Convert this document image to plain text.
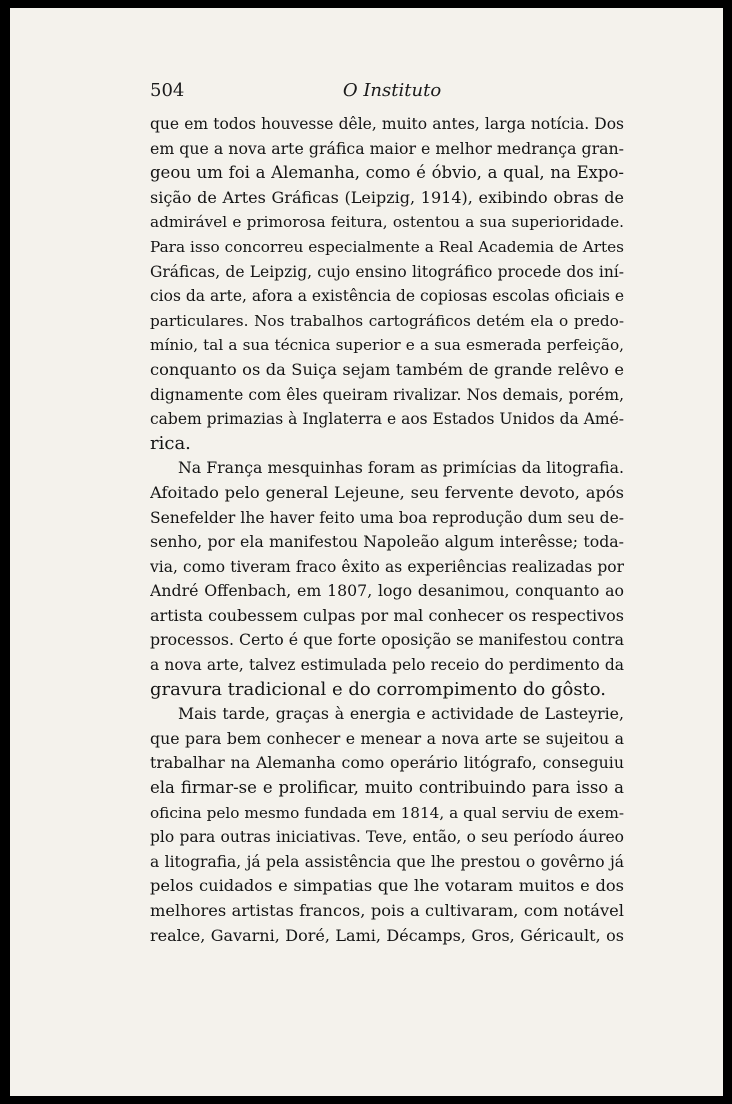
504	O Instituto
que em todos houvesse dêle, muito antes, larga notícia. Dos
em que a nova arte gráfica maior e melhor medrança gran-
geou um foi a Alemanha, como é óbvio, a qual, na Expo-
sição de Artes Gráficas (Leipzig, 1914), exibindo obras de
admirável e primorosa feitura, ostentou a sua superioridade.
Para isso concorreu especialmente a Real Academia de Artes
Gráficas, de Leipzig, cujo ensino litográfico procede dos iní-
cios da arte, afora a existência de copiosas escolas oficiais e
particulares. Nos trabalhos cartográficos detém ela o predo-
mínio, tal a sua técnica superior e a sua esmerada perfeição,
conquanto os da Suiça sejam também de grande relêvo e
dignamente com êles queiram rivalizar. Nos demais, porém,
cabem primazias à Inglaterra e aos Estados Unidos da Amé-
rica.
Na França mesquinhas foram as primícias da litografia.
Afoitado pelo general Lejeune, seu fervente devoto, após
Senefelder lhe haver feito uma boa reprodução dum seu de-
senho, por ela manifestou Napoleão algum interêsse; toda-
via, como tiveram fraco êxito as experiências realizadas por
André Offenbach, em 1807, logo desanimou, conquanto ao
artista coubessem culpas por mal conhecer os respectivos
processos. Certo é que forte oposição se manifestou contra
a nova arte, talvez estimulada pelo receio do perdimento da
gravura tradicional e do corrompimento do gôsto.
Mais tarde, graças à energia e actividade de Lasteyrie,
que para bem conhecer e menear a nova arte se sujeitou a
trabalhar na Alemanha como operário litógrafo, conseguiu
ela firmar-se e prolificar, muito contribuindo para isso a
oficina pelo mesmo fundada em 1814, a qual serviu de exem-
plo para outras iniciativas. Teve, então, o seu período áureo
a litografia, já pela assistência que lhe prestou o govêrno já
pelos cuidados e simpatias que lhe votaram muitos e dos
melhores artistas francos, pois a cultivaram, com notável
realce, Gavarni, Doré, Lami, Décamps, Gros, Géricault, os
